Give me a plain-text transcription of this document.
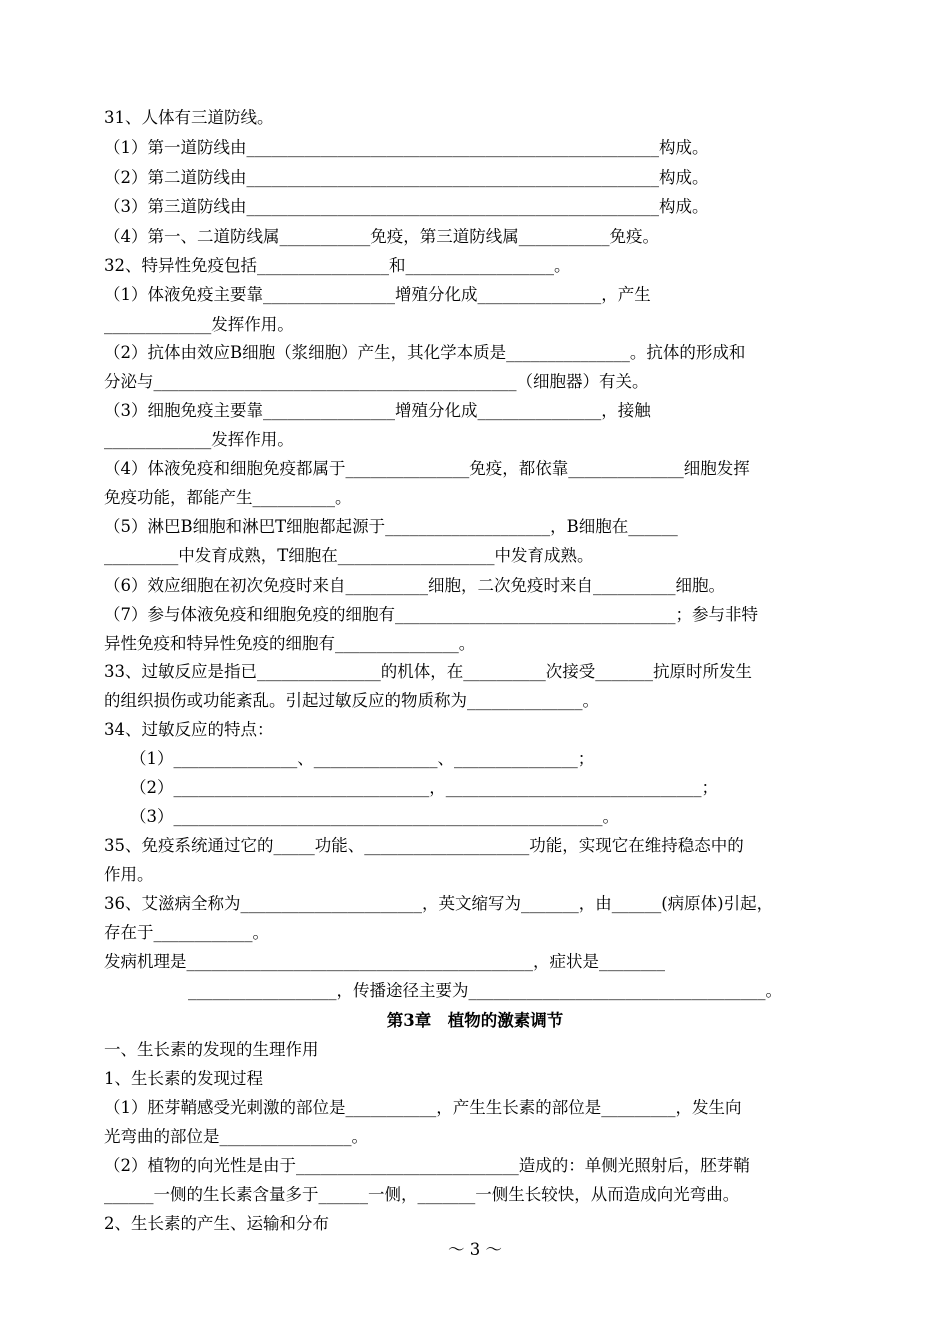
31、人体有三道防线。
（1）第一道防线由__________________________________________________构成。
（2）第二道防线由__________________________________________________构成。
（3）第三道防线由__________________________________________________构成。
（4）第一、二道防线属___________免疫，第三道防线属___________免疫。
32、特异性免疫包括________________和__________________。
（1）体液免疫主要靠________________增殖分化成_______________，产生
_____________发挥作用。
（2）抗体由效应B细胞（浆细胞）产生，其化学本质是_______________。抗体的形成和
分泌与____________________________________________（细胞器）有关。
（3）细胞免疫主要靠________________增殖分化成_______________，接触
_____________发挥作用。
（4）体液免疫和细胞免疫都属于_______________免疫，都依靠______________细胞发挥
免疫功能，都能产生__________。
（5）淋巴B细胞和淋巴T细胞都起源于____________________，B细胞在______
_________中发育成熟，T细胞在___________________中发育成熟。
（6）效应细胞在初次免疫时来自__________细胞，二次免疫时来自__________细胞。
（7）参与体液免疫和细胞免疫的细胞有__________________________________；参与非特
异性免疫和特异性免疫的细胞有_______________。
33、过敏反应是指已_______________的机体，在__________次接受_______抗原时所发生
的组织损伤或功能紊乱。引起过敏反应的物质称为______________。
34、过敏反应的特点：
（1）_______________、_______________、_______________；
（2）_______________________________，_______________________________；
（3）____________________________________________________。
35、免疫系统通过它的_____功能、____________________功能，实现它在维持稳态中的
作用。
36、艾滋病全称为______________________，英文缩写为_______，由______(病原体)引起，
存在于____________。
发病机理是__________________________________________，症状是________
__________________，传播途径主要为____________________________________。
第3章　植物的激素调节
一、生长素的发现的生理作用
1、生长素的发现过程
（1）胚芽鞘感受光刺激的部位是___________，产生生长素的部位是_________，发生向
光弯曲的部位是________________。
（2）植物的向光性是由于___________________________造成的：单侧光照射后，胚芽鞘
______一侧的生长素含量多于______一侧，_______一侧生长较快，从而造成向光弯曲。
2、生长素的产生、运输和分布
～ 3 ～
